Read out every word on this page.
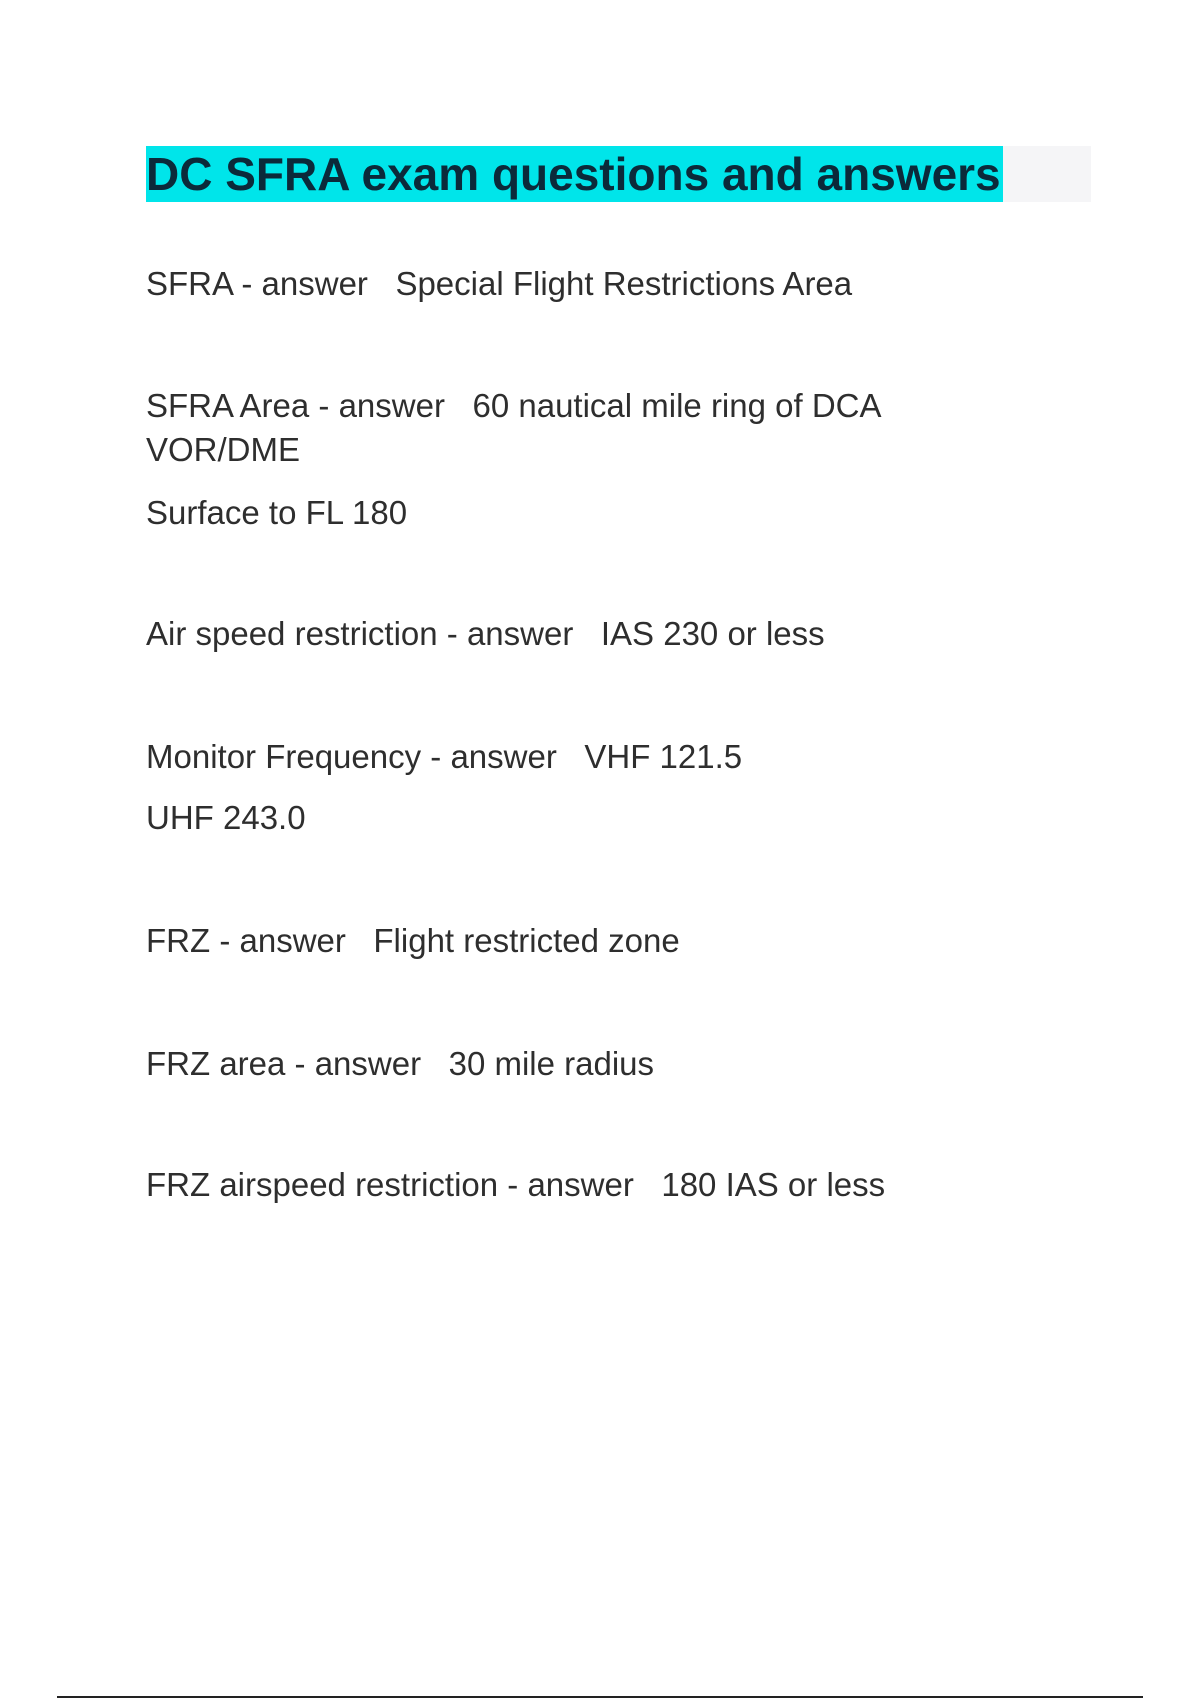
DC SFRA exam questions and answers
SFRA - answer Special Flight Restrictions Area
SFRA Area - answer 60 nautical mile ring of DCA VOR/DME
Surface to FL 180
Air speed restriction - answer IAS 230 or less
Monitor Frequency - answer VHF 121.5
UHF 243.0
FRZ - answer Flight restricted zone
FRZ area - answer 30 mile radius
FRZ airspeed restriction - answer 180 IAS or less
